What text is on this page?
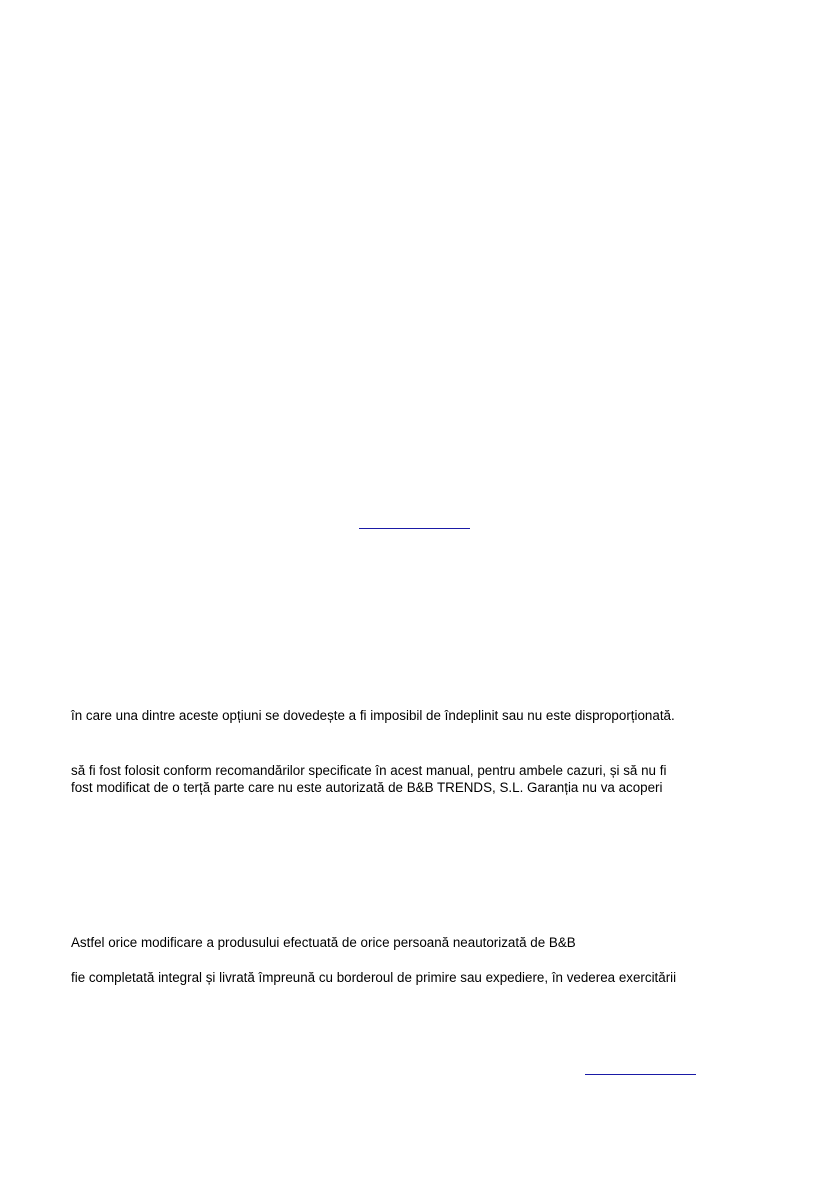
în care una dintre aceste opțiuni se dovedește a fi imposibil de îndeplinit sau nu este disproporționată.
să fi fost folosit conform recomandărilor specificate în acest manual, pentru ambele cazuri, și să nu fi
fost modificat de o terță parte care nu este autorizată de B&B TRENDS, S.L. Garanția nu va acoperi
Astfel orice modificare a produsului efectuată de orice persoană neautorizată de B&B
fie completată integral și livrată împreună cu borderoul de primire sau expediere, în vederea exercitării
